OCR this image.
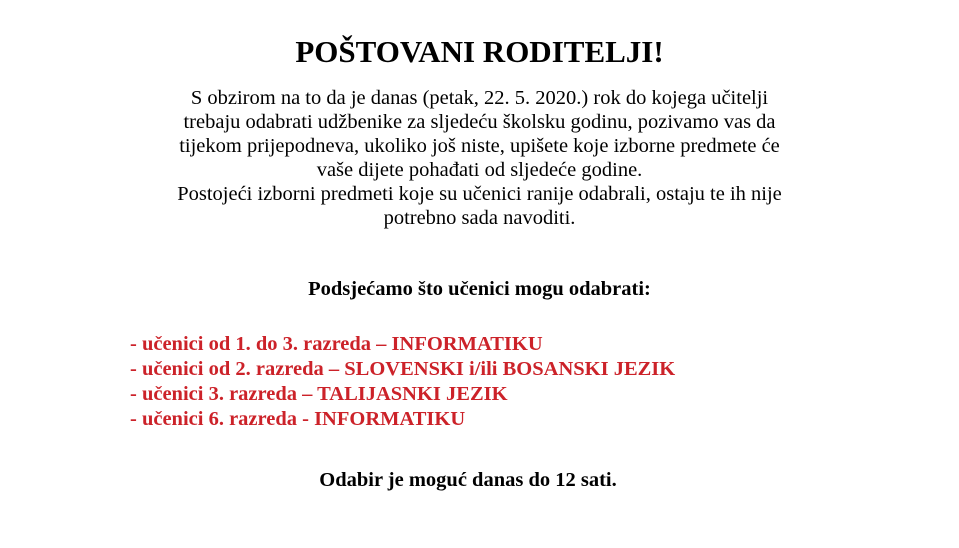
POŠTOVANI RODITELJI!
S obzirom na to da je danas (petak, 22. 5. 2020.) rok do kojega učitelji
trebaju odabrati udžbenike za sljedeću školsku godinu, pozivamo vas da
tijekom prijepodneva, ukoliko još niste, upišete koje izborne predmete će
vaše dijete pohađati od sljedeće godine.
Postojeći izborni predmeti koje su učenici ranije odabrali, ostaju te ih nije
potrebno sada navoditi.
Podsjećamo što učenici mogu odabrati:
- učenici od 1. do 3. razreda – INFORMATIKU
- učenici od 2. razreda – SLOVENSKI i/ili BOSANSKI JEZIK
- učenici 3. razreda – TALIJASNKI JEZIK
- učenici 6. razreda - INFORMATIKU
Odabir je moguć danas do 12 sati.
